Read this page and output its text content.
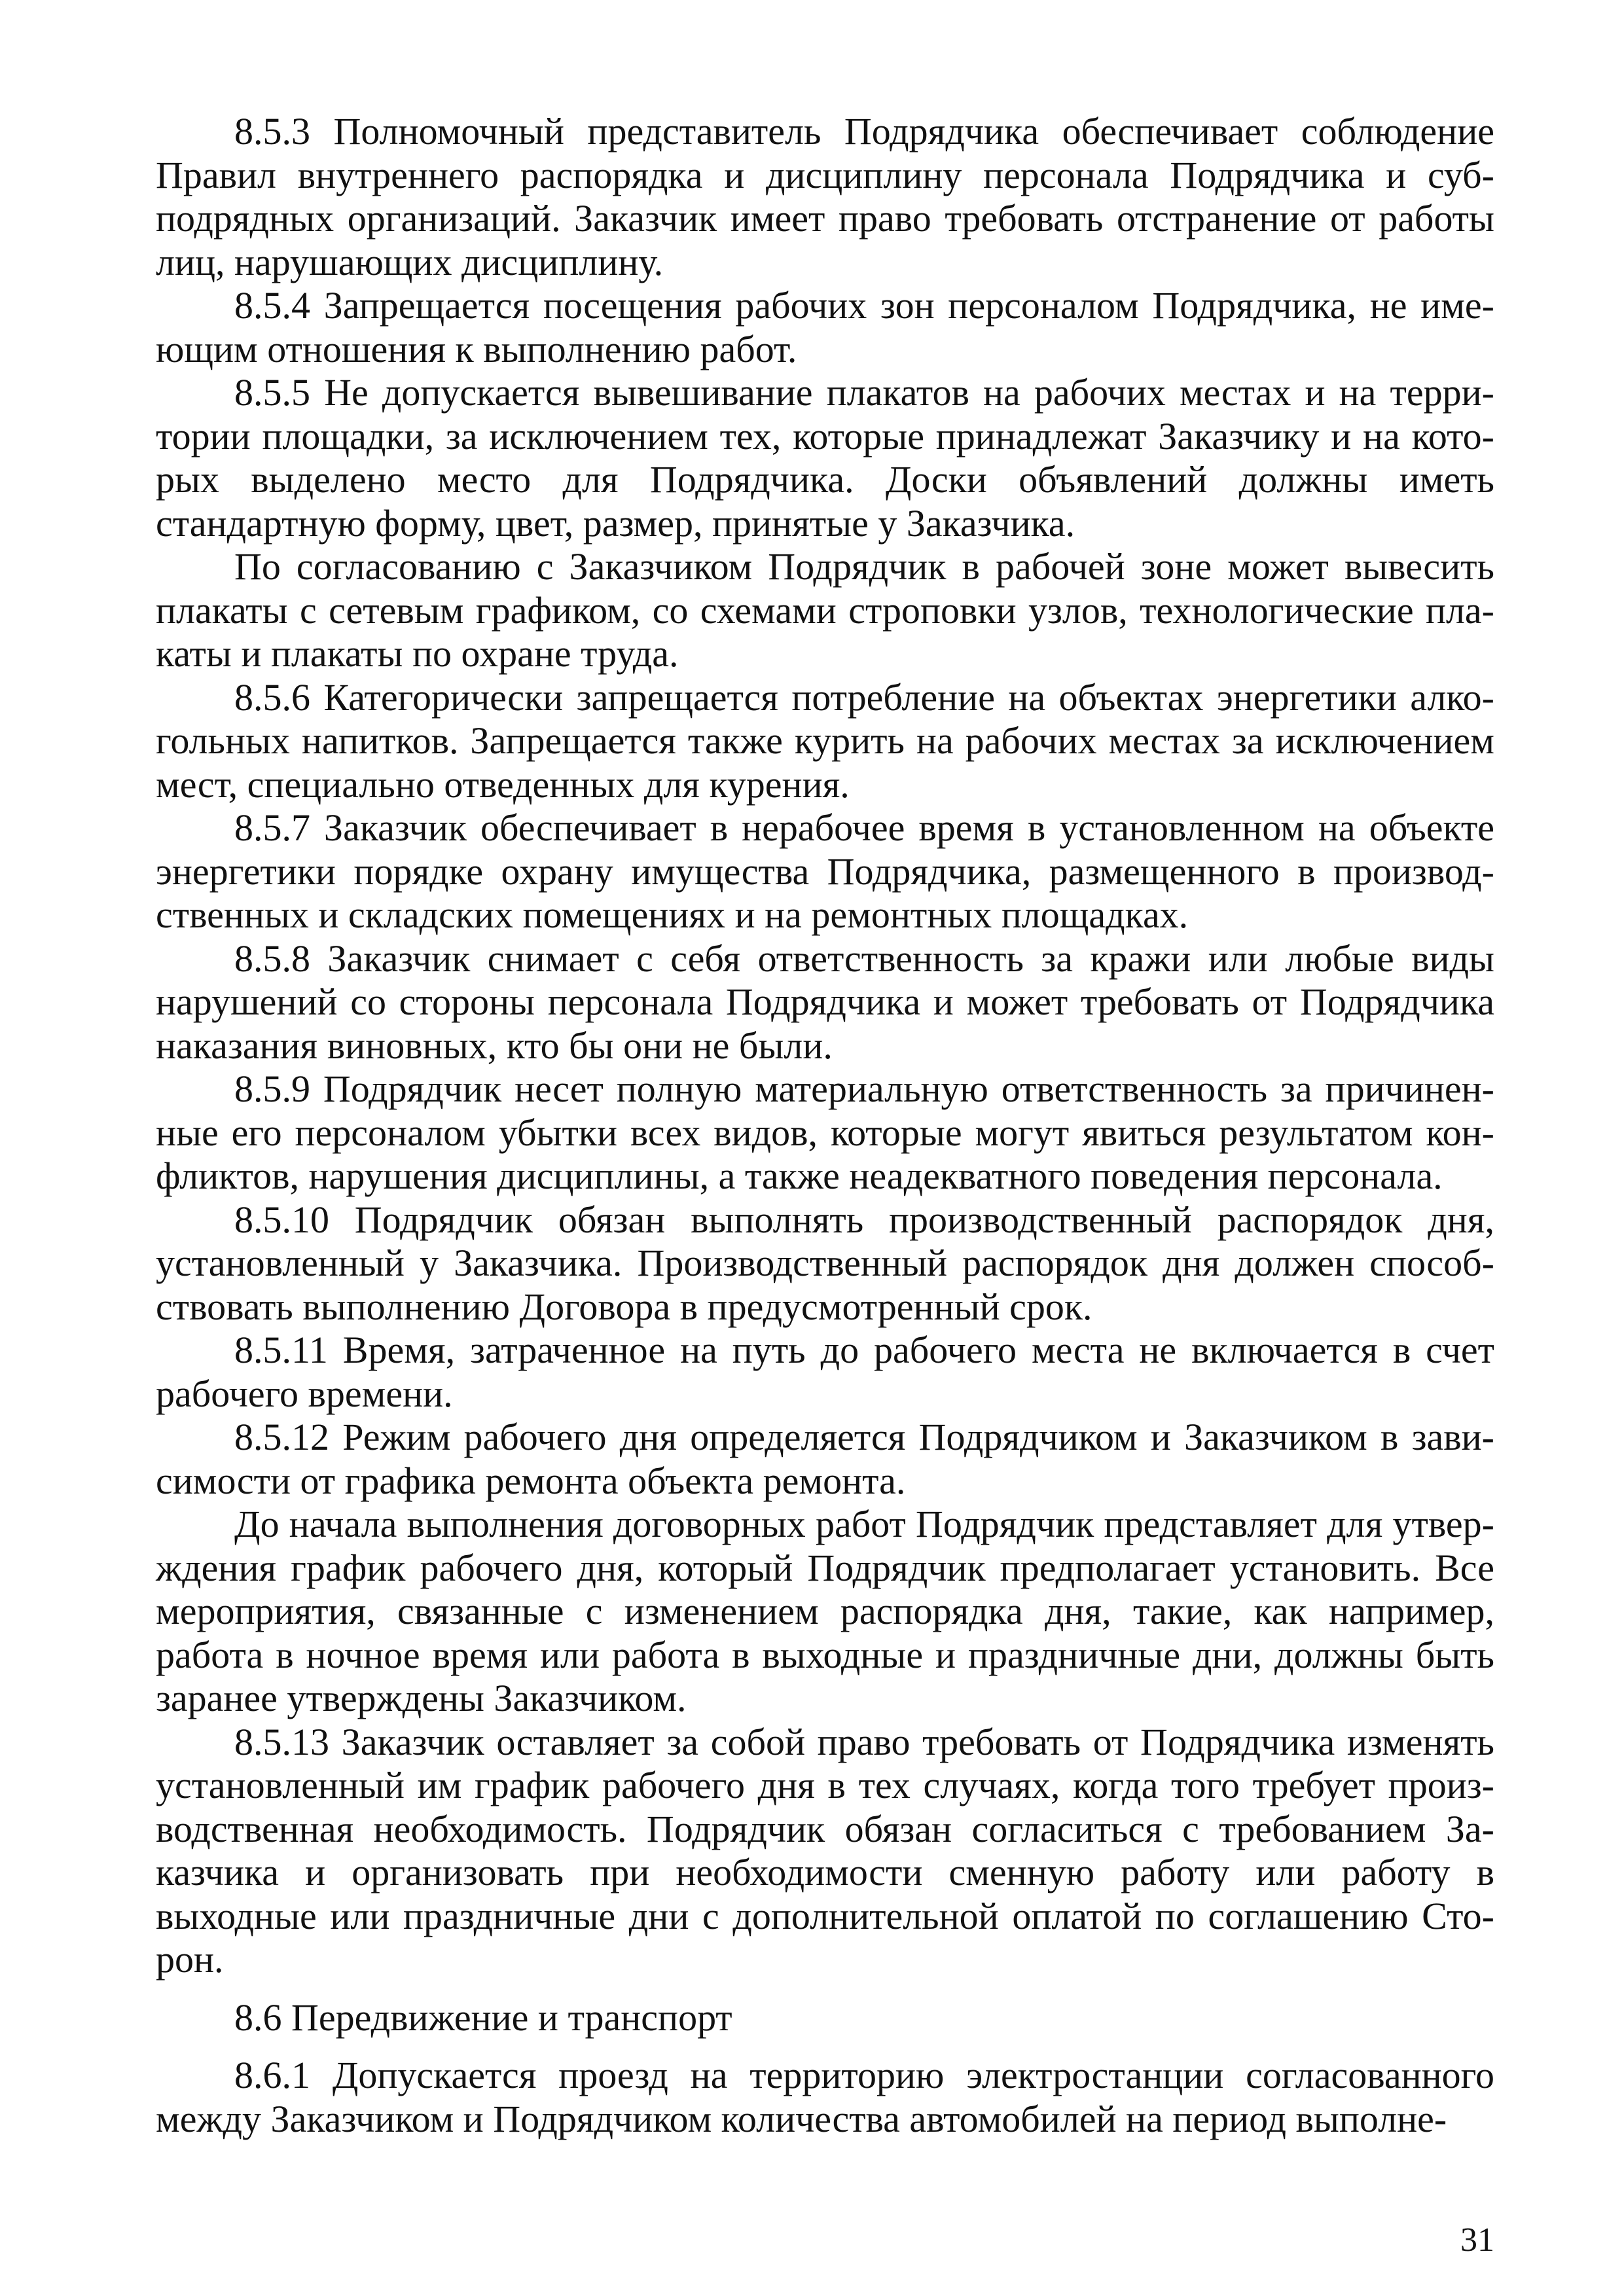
8.5.3 Полномочный представитель Подрядчика обеспечивает соблюдение Правил внутреннего распорядка и дисциплину персонала Подрядчика и субподрядных организаций. Заказчик имеет право требовать отстранение от работы лиц, нарушающих дисциплину.

8.5.4 Запрещается посещения рабочих зон персоналом Подрядчика, не имеющим отношения к выполнению работ.

8.5.5 Не допускается вывешивание плакатов на рабочих местах и на территории площадки, за исключением тех, которые принадлежат Заказчику и на которых выделено место для Подрядчика. Доски объявлений должны иметь стандартную форму, цвет, размер, принятые у Заказчика.

По согласованию с Заказчиком Подрядчик в рабочей зоне может вывесить плакаты с сетевым графиком, со схемами строповки узлов, технологические плакаты и плакаты по охране труда.

8.5.6 Категорически запрещается потребление на объектах энергетики алкогольных напитков. Запрещается также курить на рабочих местах за исключением мест, специально отведенных для курения.

8.5.7 Заказчик обеспечивает в нерабочее время в установленном на объекте энергетики порядке охрану имущества Подрядчика, размещенного в производственных и складских помещениях и на ремонтных площадках.

8.5.8 Заказчик снимает с себя ответственность за кражи или любые виды нарушений со стороны персонала Подрядчика и может требовать от Подрядчика наказания виновных, кто бы они не были.

8.5.9 Подрядчик несет полную материальную ответственность за причиненные его персоналом убытки всех видов, которые могут явиться результатом конфликтов, нарушения дисциплины, а также неадекватного поведения персонала.

8.5.10 Подрядчик обязан выполнять производственный распорядок дня, установленный у Заказчика. Производственный распорядок дня должен способствовать выполнению Договора в предусмотренный срок.

8.5.11 Время, затраченное на путь до рабочего места не включается в счет рабочего времени.

8.5.12 Режим рабочего дня определяется Подрядчиком и Заказчиком в зависимости от графика ремонта объекта ремонта.

До начала выполнения договорных работ Подрядчик представляет для утверждения график рабочего дня, который Подрядчик предполагает установить. Все мероприятия, связанные с изменением распорядка дня, такие, как например, работа в ночное время или работа в выходные и праздничные дни, должны быть заранее утверждены Заказчиком.

8.5.13 Заказчик оставляет за собой право требовать от Подрядчика изменять установленный им график рабочего дня в тех случаях, когда того требует производственная необходимость. Подрядчик обязан согласиться с требованием Заказчика и организовать при необходимости сменную работу или работу в выходные или праздничные дни с дополнительной оплатой по соглашению Сторон.

8.6 Передвижение и транспорт

8.6.1 Допускается проезд на территорию электростанции согласованного между Заказчиком и Подрядчиком количества автомобилей на период выполне-

31
